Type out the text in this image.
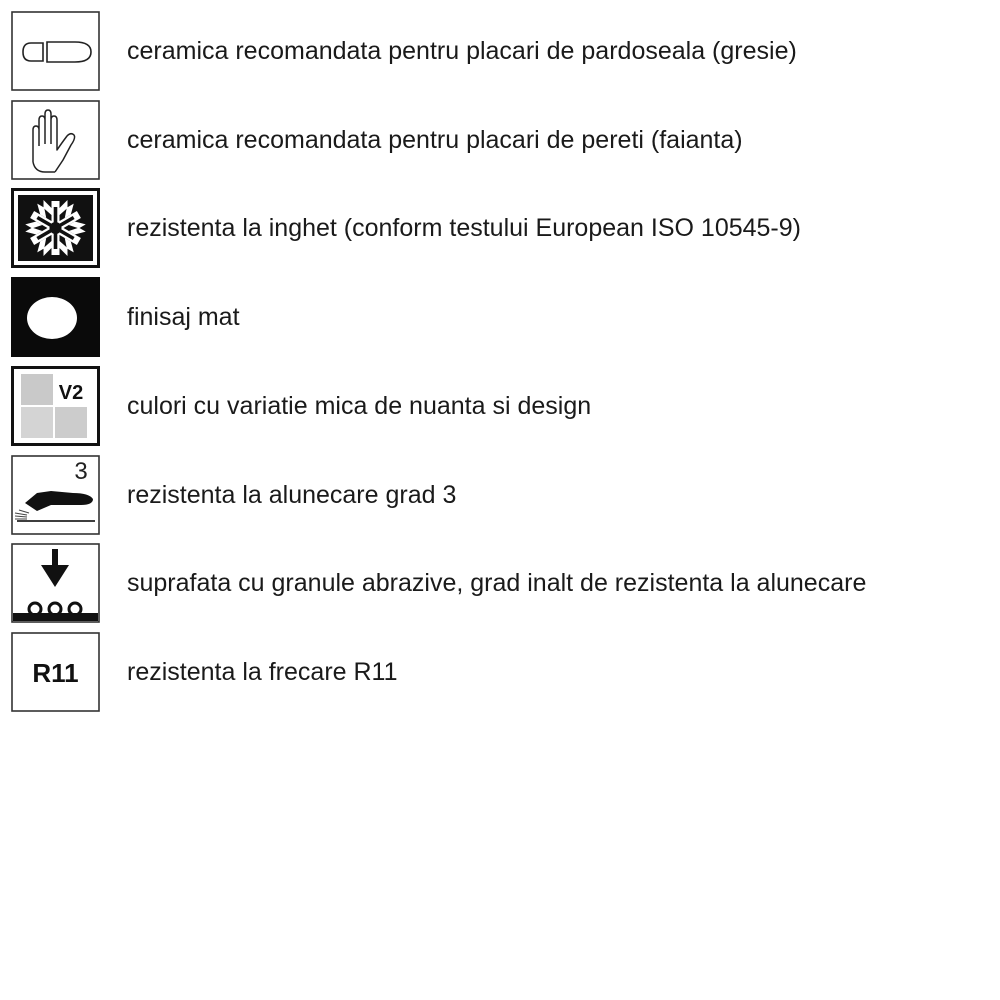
ceramica recomandata pentru placari de pardoseala (gresie)
ceramica recomandata pentru placari de pereti (faianta)
rezistenta la inghet (conform testului European ISO 10545-9)
finisaj mat
V2 culori cu variatie mica de nuanta si design
3
rezistenta la alunecare grad 3
suprafata cu granule abrazive, grad inalt de rezistenta la alunecare
R11 rezistenta la frecare R11
